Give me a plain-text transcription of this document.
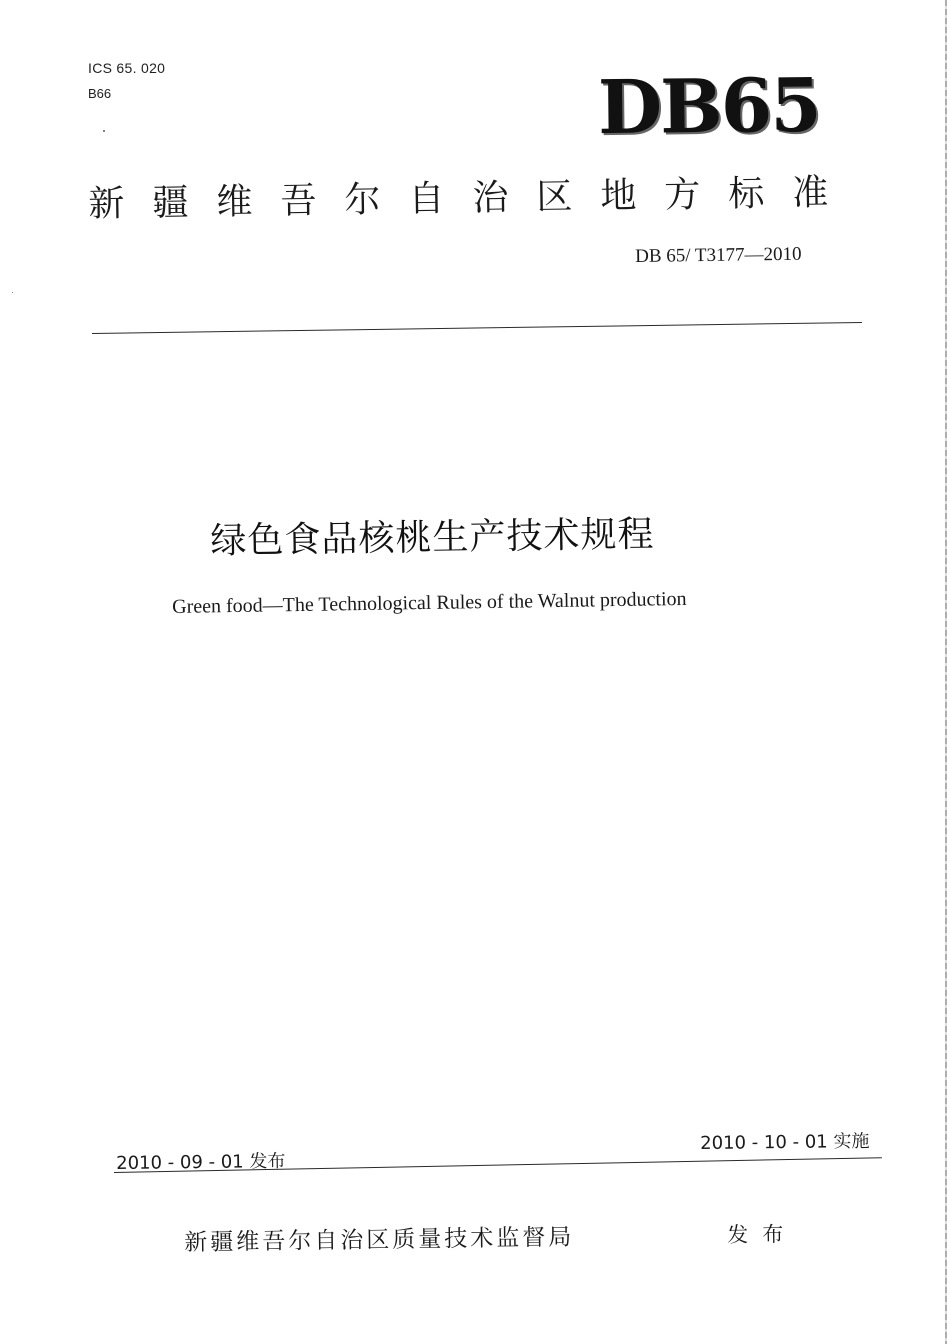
ICS 65. 020
B66	DB65
新疆维吾尔自治区地方标准
DB 65/ T3177—2010
绿色食品核桃生产技术规程
Green food—The Technological Rules of the Walnut production
2010 - 09 - 01 发布
2010 - 10 - 01 实施
新疆维吾尔自治区质量技术监督局	发布
